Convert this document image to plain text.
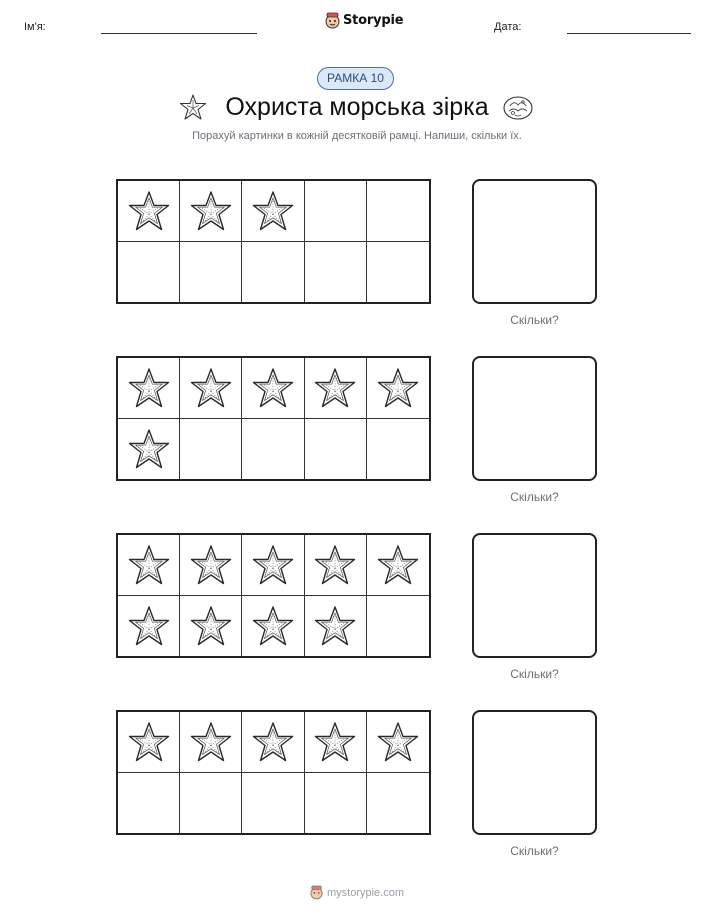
Ім'я:	Storypie	Дата:
РАМКА 10
Охриста морська зірка
Порахуй картинки в кожній десятковій рамці. Напиши, скільки їх.
Скільки?
Скільки?
Скільки?
Скільки?
mystorypie.com
